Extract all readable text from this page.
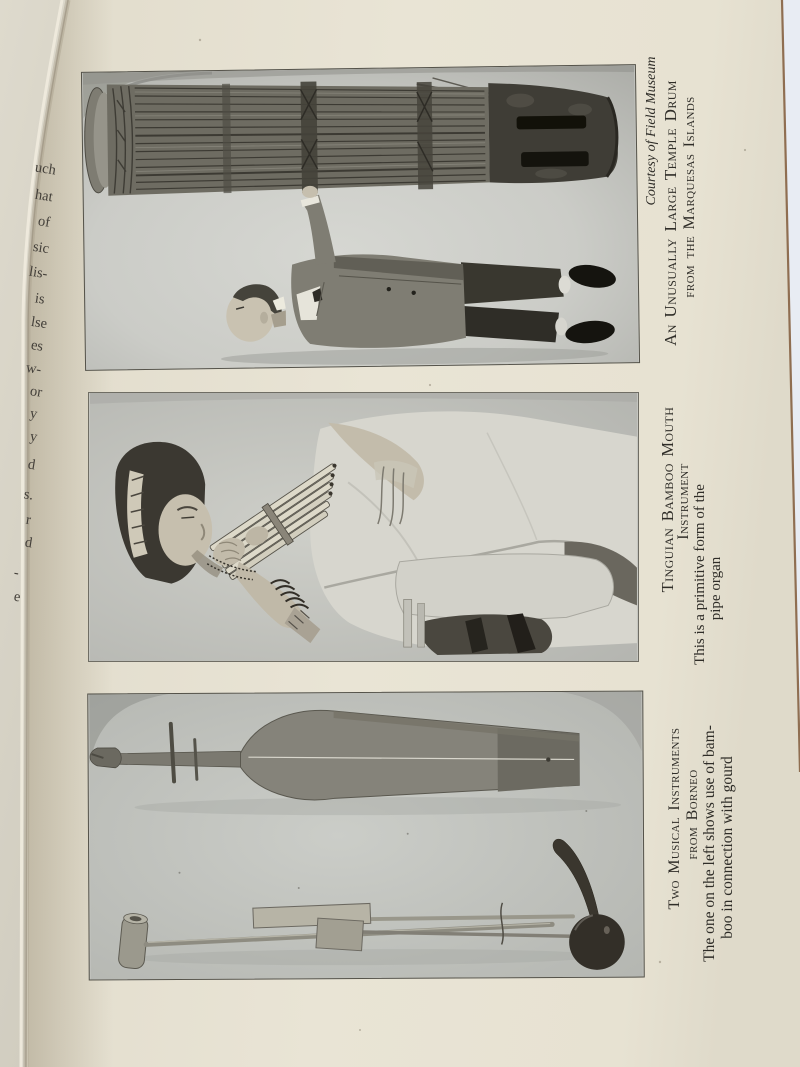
uch
hat
of
sic
lis-
is
lse
es
w-
or
y
y
d
s.
r
d
-
e
Courtesy of Field Museum An Unusually Large Temple Drum from the Marquesas Islands
Tinguian Bamboo Mouth
Instrument This is a primitive form of the pipe organ
Two Musical Instruments from Borneo The one on the left shows use of bam- boo in connection with gourd
